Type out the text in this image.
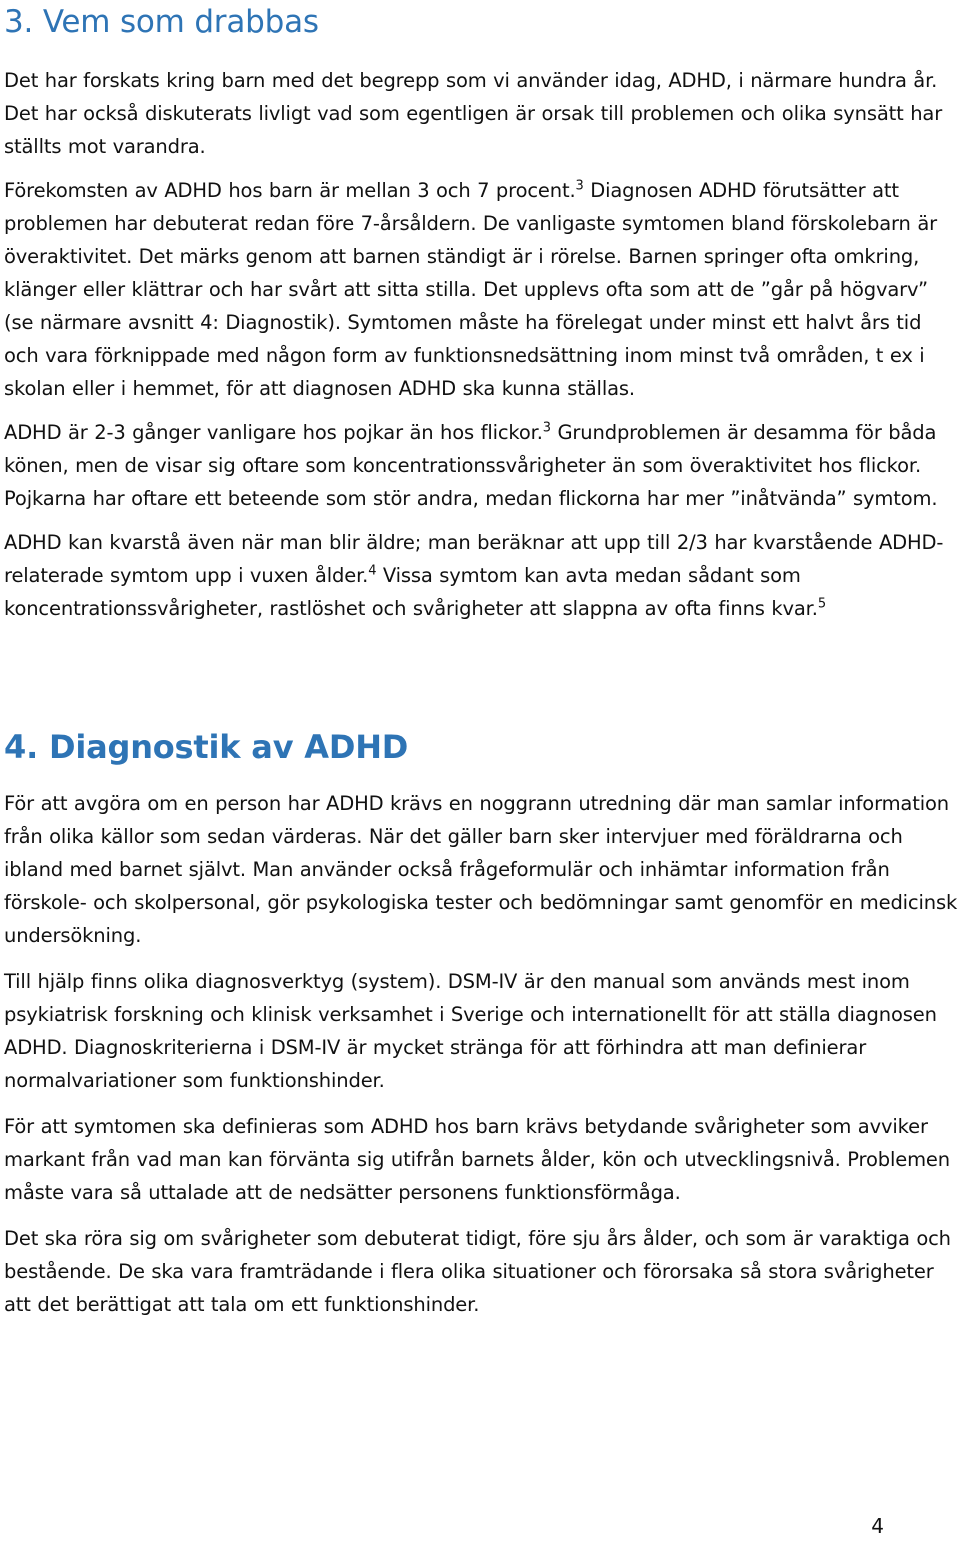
3. Vem som drabbas

Det har forskats kring barn med det begrepp som vi använder idag, ADHD, i närmare hundra år. Det har också diskuterats livligt vad som egentligen är orsak till problemen och olika synsätt har ställts mot varandra.

Förekomsten av ADHD hos barn är mellan 3 och 7 procent.$^3$ Diagnosen ADHD förutsätter att problemen har debuterat redan före 7-årsåldern. De vanligaste symtomen bland förskolebarn är överaktivitet. Det märks genom att barnen ständigt är i rörelse. Barnen springer ofta omkring, klänger eller klättrar och har svårt att sitta stilla. Det upplevs ofta som att de ”går på högvarv” (se närmare avsnitt 4: Diagnostik). Symtomen måste ha förelegat under minst ett halvt års tid och vara förknippade med någon form av funktionsnedsättning inom minst två områden, t ex i skolan eller i hemmet, för att diagnosen ADHD ska kunna ställas.

ADHD är 2-3 gånger vanligare hos pojkar än hos flickor.$^3$ Grundproblemen är desamma för båda könen, men de visar sig oftare som koncentrationssvårigheter än som överaktivitet hos flickor. Pojkarna har oftare ett beteende som stör andra, medan flickorna har mer ”inåtvända” symtom.

ADHD kan kvarstå även när man blir äldre; man beräknar att upp till 2/3 har kvarstående ADHD-relaterade symtom upp i vuxen ålder.$^4$ Vissa symtom kan avta medan sådant som koncentrationssvårigheter, rastlöshet och svårigheter att slappna av ofta finns kvar.$^5$

4. Diagnostik av ADHD

För att avgöra om en person har ADHD krävs en noggrann utredning där man samlar information från olika källor som sedan värderas. När det gäller barn sker intervjuer med föräldrarna och ibland med barnet självt. Man använder också frågeformulär och inhämtar information från förskole- och skolpersonal, gör psykologiska tester och bedömningar samt genomför en medicinsk undersökning.

Till hjälp finns olika diagnosverktyg (system). DSM-IV är den manual som används mest inom psykiatrisk forskning och klinisk verksamhet i Sverige och internationellt för att ställa diagnosen ADHD. Diagnoskriterierna i DSM-IV är mycket stränga för att förhindra att man definierar normalvariationer som funktionshinder.

För att symtomen ska definieras som ADHD hos barn krävs betydande svårigheter som avviker markant från vad man kan förvänta sig utifrån barnets ålder, kön och utvecklingsnivå. Problemen måste vara så uttalade att de nedsätter personens funktionsförmåga.

Det ska röra sig om svårigheter som debuterat tidigt, före sju års ålder, och som är varaktiga och bestående. De ska vara framträdande i flera olika situationer och förorsaka så stora svårigheter att det berättigat att tala om ett funktionshinder.

4
